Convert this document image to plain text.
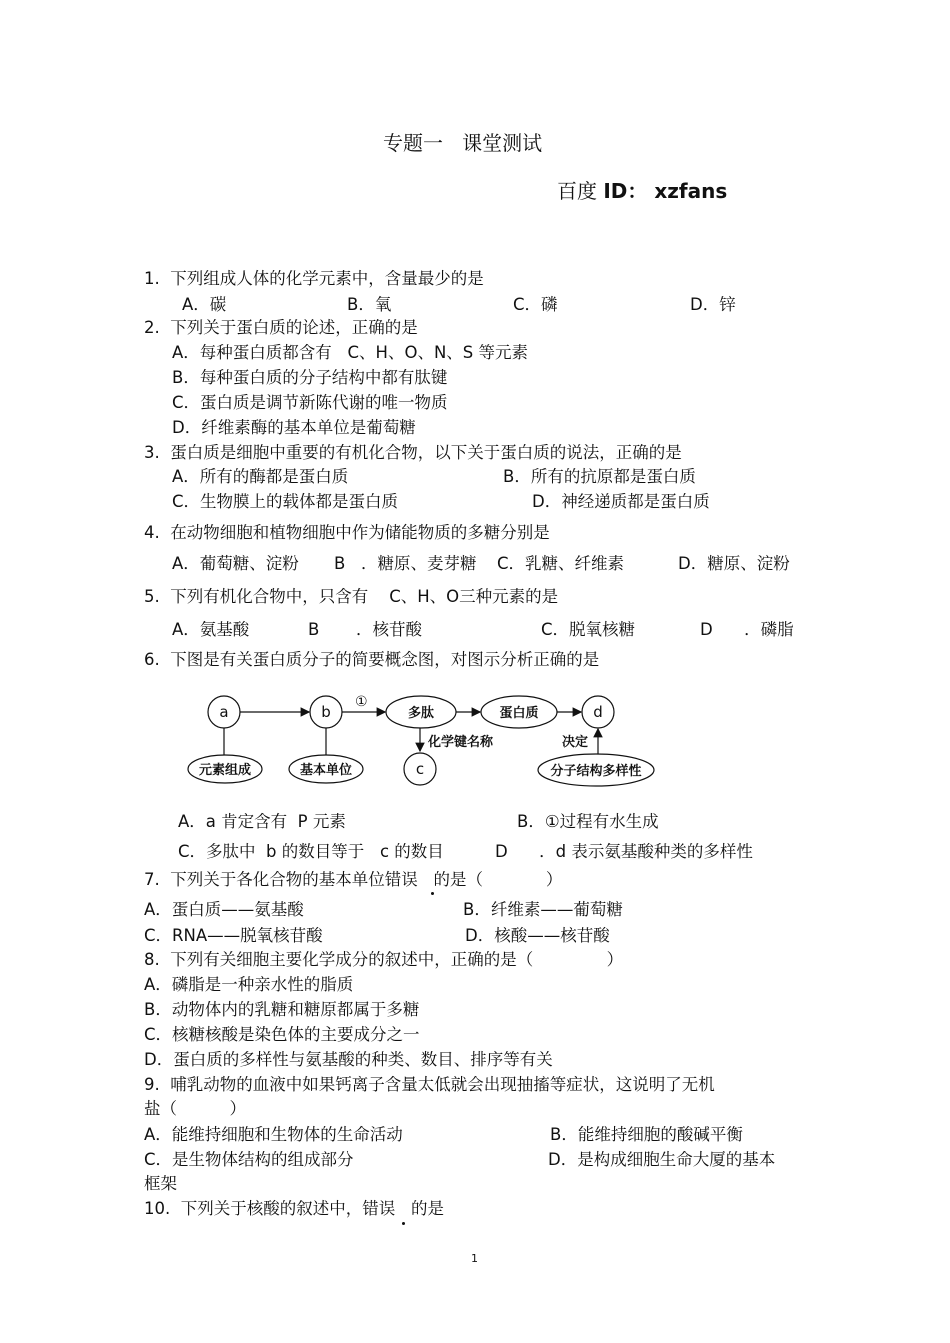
专题一   课堂测试
百度 ID： xzfans
1.  下列组成人体的化学元素中，含量最少的是
A．碳	B．氧	C．磷	D．锌
2.  下列关于蛋白质的论述，正确的是
A．每种蛋白质都含有   C、H、O、N、S 等元素
B．每种蛋白质的分子结构中都有肽键
C．蛋白质是调节新陈代谢的唯一物质
D．纤维素酶的基本单位是葡萄糖
3.  蛋白质是细胞中重要的有机化合物，以下关于蛋白质的说法，正确的是
A．所有的酶都是蛋白质	B．所有的抗原都是蛋白质
C．生物膜上的载体都是蛋白质	D．神经递质都是蛋白质
4.  在动物细胞和植物细胞中作为储能物质的多糖分别是
A．葡萄糖、淀粉 B   ．糖原、麦芽糖 C．乳糖、纤维素	D．糖原、淀粉
5.  下列有机化合物中，只含有    C、H、O三种元素的是
A．氨基酸	B       ．核苷酸	C．脱氧核糖	D      ．磷脂
6.  下图是有关蛋白质分子的简要概念图，对图示分析正确的是
a	b
c
d
多肽	蛋白质
元素组成	基本单位	分子结构多样性
①
化学键名称	决定
A．a 肯定含有  P 元素	B．①过程有水生成
C．多肽中  b 的数目等于   c 的数目	D      ．d 表示氨基酸种类的多样性
7.  下列关于各化合物的基本单位错误   的是（            ）
A．蛋白质——氨基酸	B．纤维素——葡萄糖
C．RNA——脱氧核苷酸	D．核酸——核苷酸
8.  下列有关细胞主要化学成分的叙述中，正确的是（              ）
A．磷脂是一种亲水性的脂质
B．动物体内的乳糖和糖原都属于多糖
C．核糖核酸是染色体的主要成分之一
D．蛋白质的多样性与氨基酸的种类、数目、排序等有关
9.  哺乳动物的血液中如果钙离子含量太低就会出现抽搐等症状，这说明了无机
盐（          ）
A．能维持细胞和生物体的生命活动	B．能维持细胞的酸碱平衡
C．是生物体结构的组成部分	D．是构成细胞生命大厦的基本
框架
10.  下列关于核酸的叙述中，错误   的是
1
